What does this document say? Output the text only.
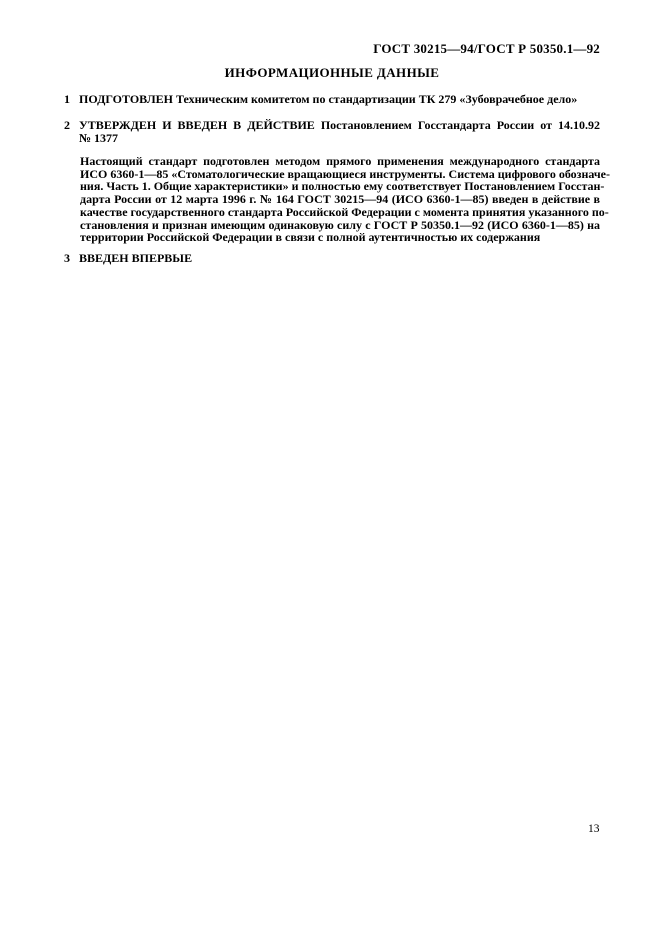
ГОСТ 30215—94/ГОСТ Р 50350.1—92
ИНФОРМАЦИОННЫЕ ДАННЫЕ
1 ПОДГОТОВЛЕН Техническим комитетом по стандартизации ТК 279 «Зубоврачебное дело»
2 УТВЕРЖДЕН И ВВЕДЕН В ДЕЙСТВИЕ Постановлением Госстандарта России от 14.10.92
№ 1377
Настоящий стандарт подготовлен методом прямого применения международного стандарта
ИСО 6360-1—85 «Стоматологические вращающиеся инструменты. Система цифрового обозначе-
ния. Часть 1. Общие характеристики» и полностью ему соответствует Постановлением Госстан-
дарта России от 12 марта 1996 г. № 164 ГОСТ 30215—94 (ИСО 6360-1—85) введен в действие в
качестве государственного стандарта Российской Федерации с момента принятия указанного по-
становления и признан имеющим одинаковую силу с ГОСТ Р 50350.1—92 (ИСО 6360-1—85) на
территории Российской Федерации в связи с полной аутентичностью их содержания
3 ВВЕДЕН ВПЕРВЫЕ
13
